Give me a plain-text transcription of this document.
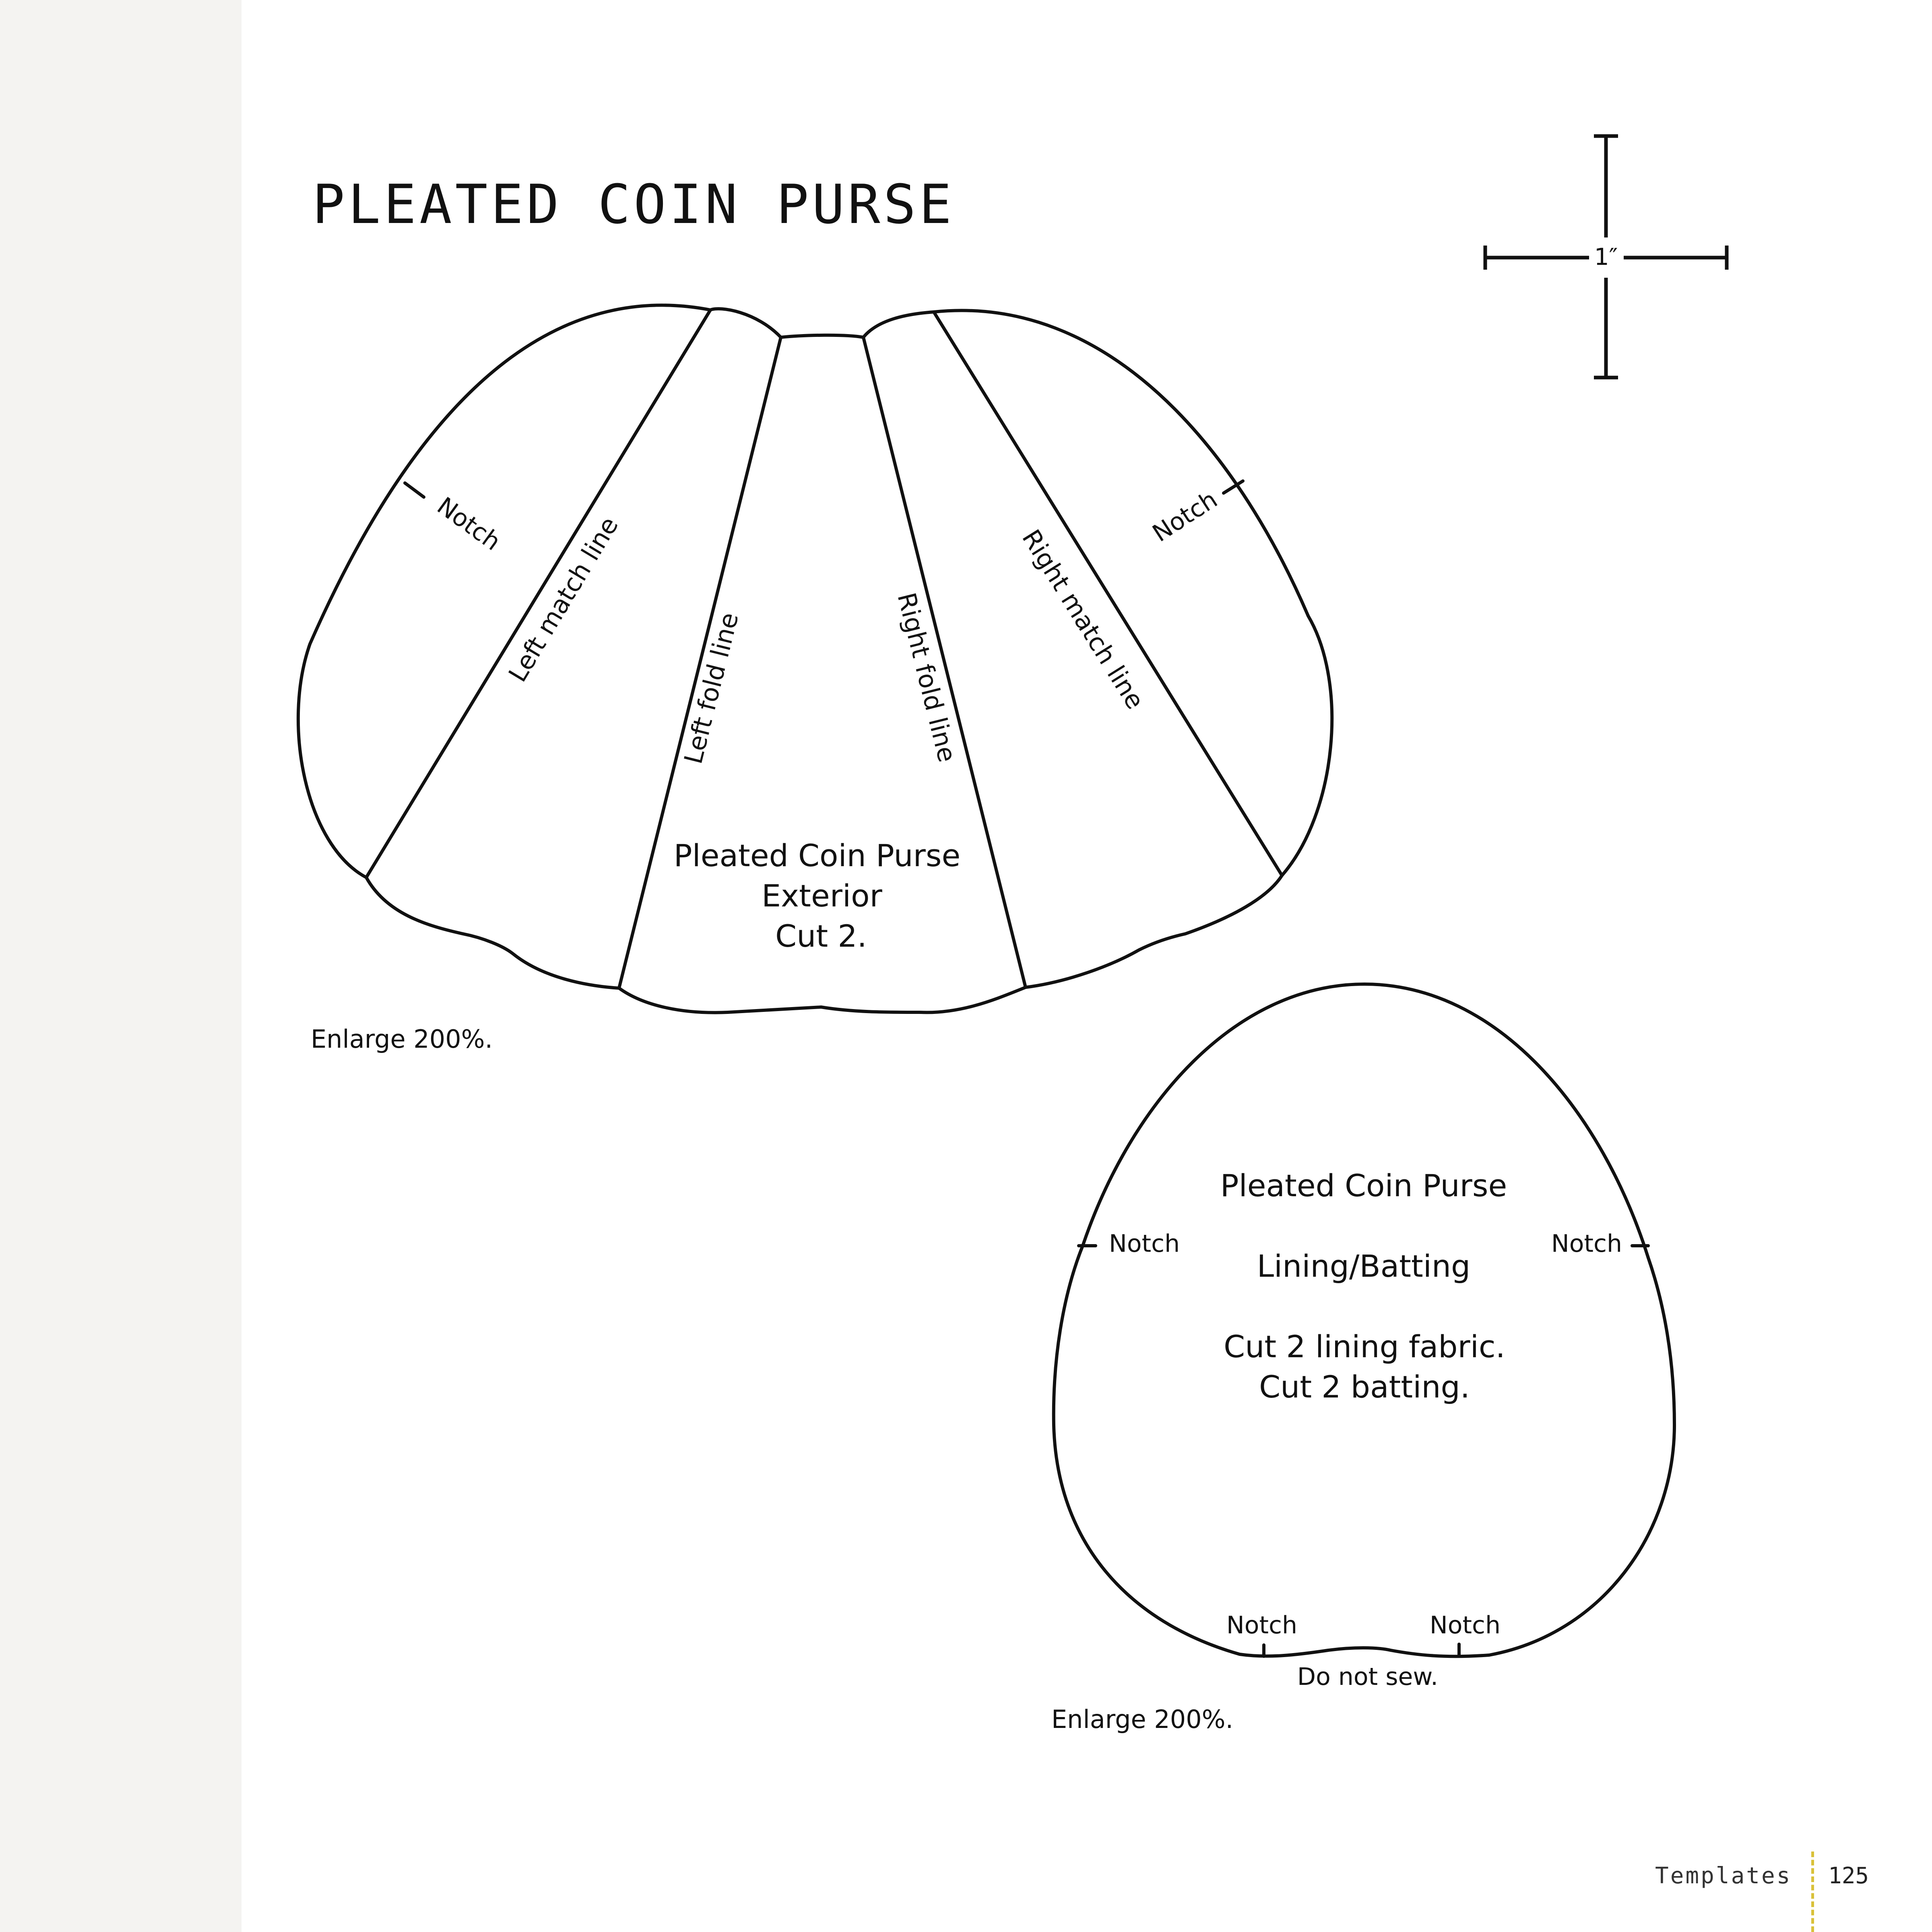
PLEATED COIN PURSE
1″
Notch	Notch
Left match line
Left fold line	Right fold line Right match line
Pleated Coin Purse
Exterior
Cut 2.
Pleated Coin Purse
Lining/Batting
Cut 2 lining fabric.
Cut 2 batting.
Notch	Notch
Notch	Notch
Do not sew.
Enlarge 200%.
Enlarge 200%.
Templates 125
